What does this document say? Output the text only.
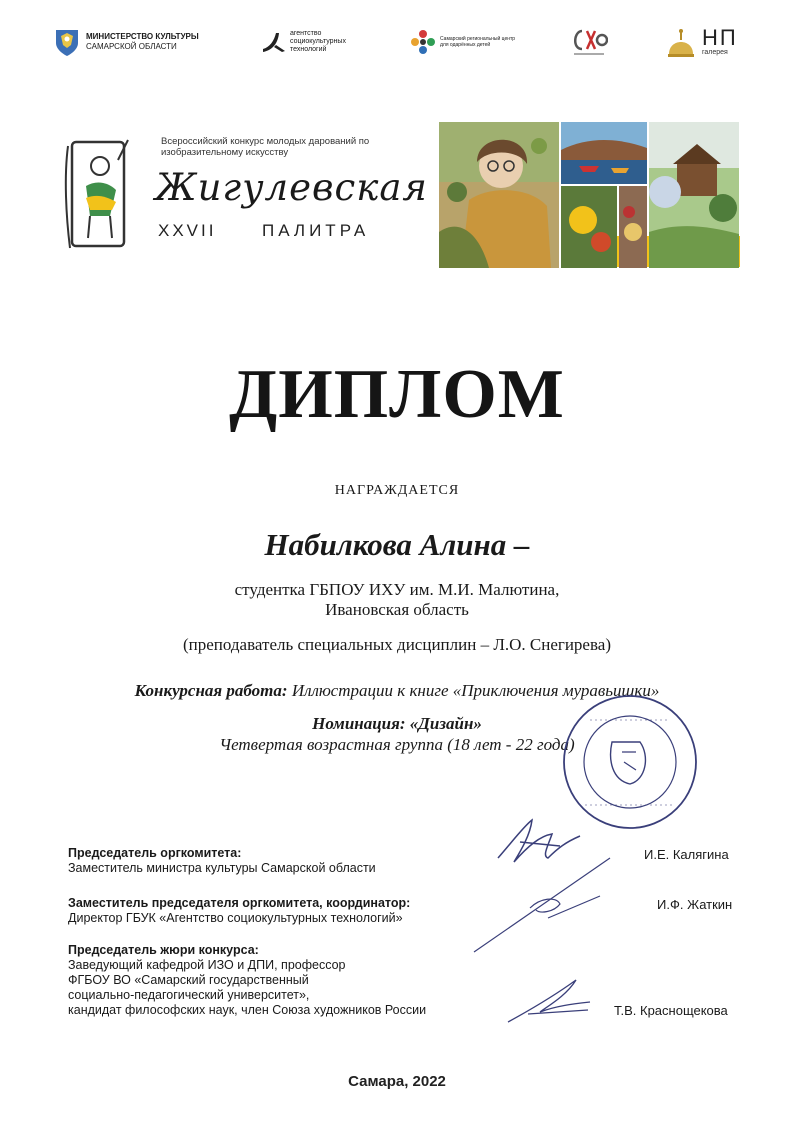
МИНИСТЕРСТВО КУЛЬТУРЫ
САМАРСКОЙ ОБЛАСТИ
агентство
социокультурных
технологий
Самарский региональный центр для одарённых детей	НП
галерея
Всероссийский конкурс молодых дарований по изобразительному искусству
Жигулевская
XXVII	ПАЛИТРА
ДИПЛОМ
НАГРАЖДАЕТСЯ
Набилкова Алина –
студентка ГБПОУ ИХУ им. М.И. Малютина,
Ивановская область
(преподаватель специальных дисциплин – Л.О. Снегирева)
Конкурсная работа: Иллюстрации к книге «Приключения муравьишки»
Номинация: «Дизайн»
Четвертая возрастная группа (18 лет - 22 года)
Председатель оргкомитета:
Заместитель министра культуры Самарской области
И.Е. Калягина
Заместитель председателя оргкомитета, координатор:
Директор ГБУК «Агентство социокультурных технологий»
И.Ф. Жаткин
Председатель жюри конкурса:
Заведующий кафедрой ИЗО и ДПИ, профессор
ФГБОУ ВО «Самарский государственный
социально-педагогический университет»,
кандидат философских наук, член Союза художников России	Т.В. Краснощекова
Самара, 2022
